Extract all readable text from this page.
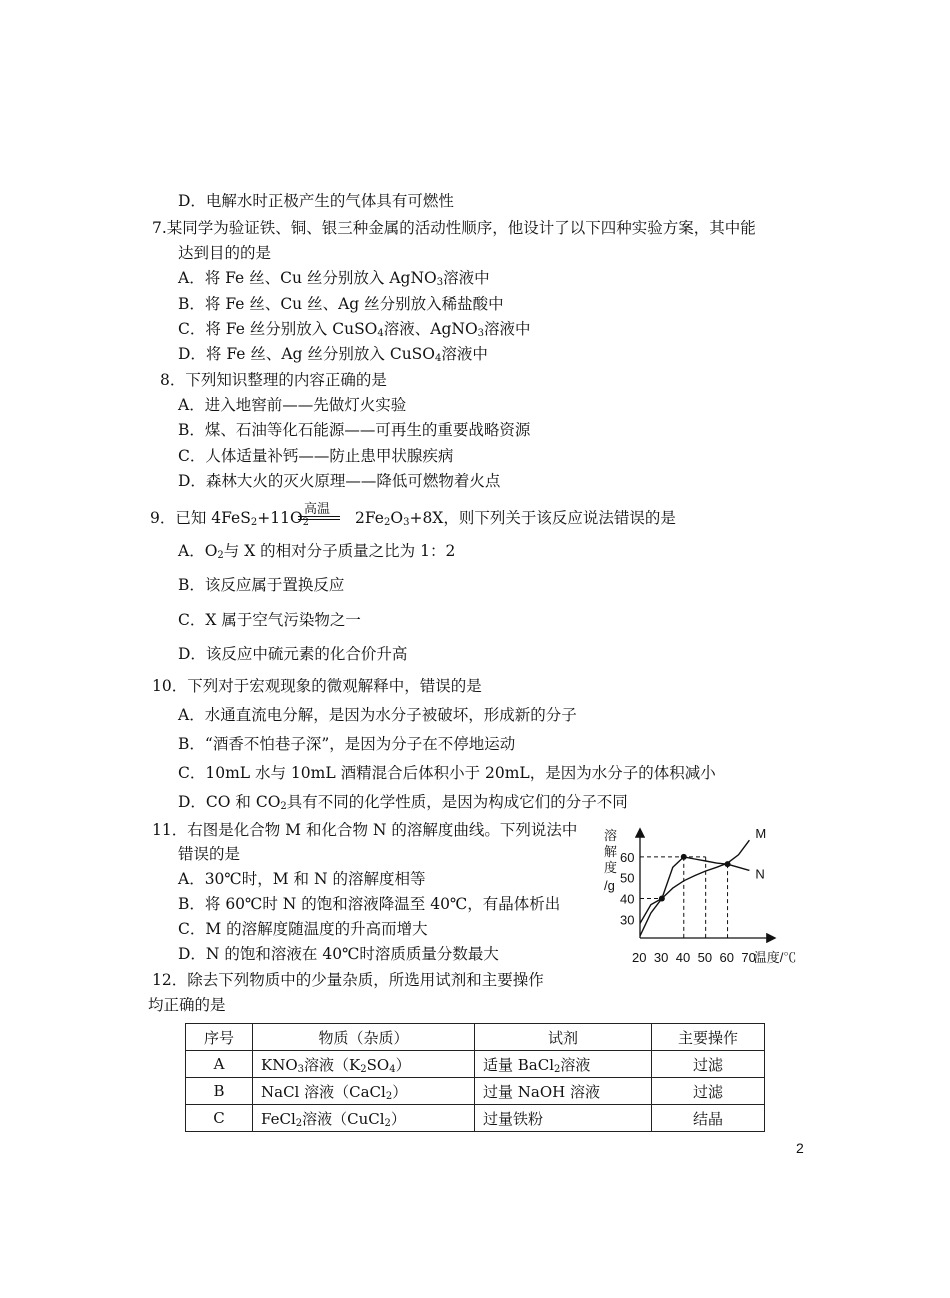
D．电解水时正极产生的气体具有可燃性
7.某同学为验证铁、铜、银三种金属的活动性顺序，他设计了以下四种实验方案，其中能
达到目的的是
A．将 Fe 丝、Cu 丝分别放入 AgNO$_3$溶液中
B．将 Fe 丝、Cu 丝、Ag 丝分别放入稀盐酸中
C．将 Fe 丝分别放入 CuSO$_4$溶液、AgNO$_3$溶液中
D．将 Fe 丝、Ag 丝分别放入 CuSO$_4$溶液中
8．下列知识整理的内容正确的是
A．进入地窖前——先做灯火实验
B．煤、石油等化石能源——可再生的重要战略资源
C．人体适量补钙——防止患甲状腺疾病
D．森林大火的灭火原理——降低可燃物着火点
高温
9．已知 $4FeS_2+11O_2$	$2Fe_2O_3+8X$，则下列关于该反应说法错误的是
A．$O_2$与 X 的相对分子质量之比为 1：2
B．该反应属于置换反应
C．X 属于空气污染物之一
D．该反应中硫元素的化合价升高
10．下列对于宏观现象的微观解释中，错误的是
A．水通直流电分解，是因为水分子被破坏，形成新的分子
B．“酒香不怕巷子深”，是因为分子在不停地运动
C．10mL 水与 10mL 酒精混合后体积小于 20mL，是因为水分子的体积减小
D．CO 和 $CO_2$具有不同的化学性质，是因为构成它们的分子不同
11．右图是化合物 M 和化合物 N 的溶解度曲线。下列说法中
错误的是
A．30℃时，M 和 N 的溶解度相等
B．将 60℃时 N 的饱和溶液降温至 40℃，有晶体析出
C．M 的溶解度随温度的升高而增大
D．N 的饱和溶液在 40℃时溶质质量分数最大
M
N
20 30 40 50 60 70
30
40
50
60
溶
解
度
/g
温度/℃
12．除去下列物质中的少量杂质，所选用试剂和主要操作
均正确的是
序号	物质（杂质）	试剂	主要操作
A	$KNO_3$溶液$(K_2SO_4)$	适量 BaCl$_2$溶液	过滤
B	NaCl 溶液（CaCl$_2$）	过量 NaOH 溶液	过滤
C	FeCl$_2$溶液（CuCl$_2$）	过量铁粉	结晶
2
